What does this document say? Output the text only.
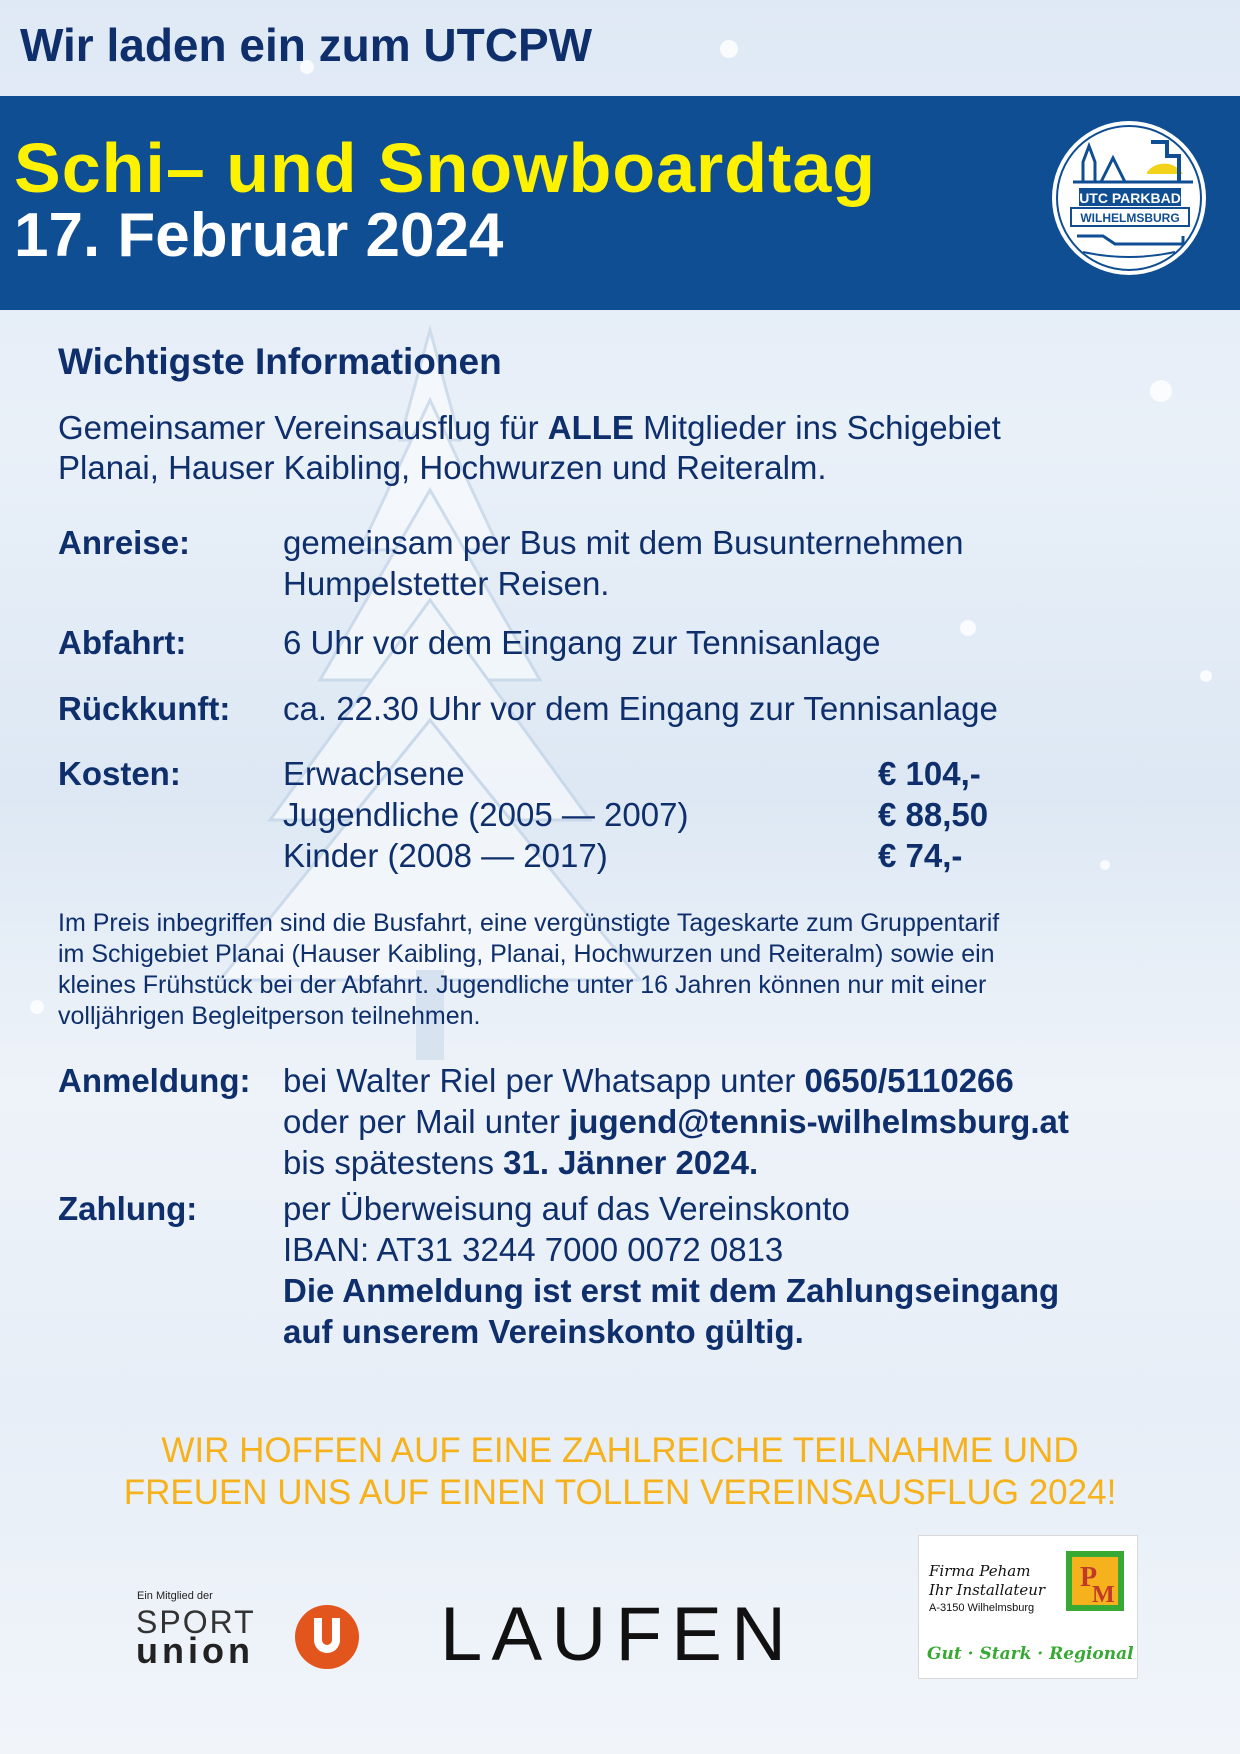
Wir laden ein zum UTCPW
Schi– und Snowboardtag
17. Februar 2024
UTC PARKBAD
WILHELMSBURG
Wichtigste Informationen
Gemeinsamer Vereinsausflug für ALLE Mitglieder ins Schigebiet
Planai, Hauser Kaibling, Hochwurzen und Reiteralm.
Anreise:	gemeinsam per Bus mit dem Busunternehmen
Humpelstetter Reisen.
Abfahrt:	6 Uhr vor dem Eingang zur Tennisanlage
Rückkunft: ca. 22.30 Uhr vor dem Eingang zur Tennisanlage
Kosten:	Erwachsene	€ 104,-
Jugendliche (2005 — 2007)	€ 88,50
Kinder (2008 — 2017)	€ 74,-
Im Preis inbegriffen sind die Busfahrt, eine vergünstigte Tageskarte zum Gruppentarif
im Schigebiet Planai (Hauser Kaibling, Planai, Hochwurzen und Reiteralm) sowie ein
kleines Frühstück bei der Abfahrt. Jugendliche unter 16 Jahren können nur mit einer
volljährigen Begleitperson teilnehmen.
Anmeldung: bei Walter Riel per Whatsapp unter 0650/5110266
oder per Mail unter jugend@tennis-wilhelmsburg.at
bis spätestens 31. Jänner 2024.
Zahlung:	per Überweisung auf das Vereinskonto
IBAN: AT31 3244 7000 0072 0813
Die Anmeldung ist erst mit dem Zahlungseingang
auf unserem Vereinskonto gültig.
WIR HOFFEN AUF EINE ZAHLREICHE TEILNAHME UND
FREUEN UNS AUF EINEN TOLLEN VEREINSAUSFLUG 2024!
Ein Mitglied der
SPORT
union LAUFEN
Firma Peham
Ihr Installateur
A-3150 Wilhelmsburg
P
M
Gut · Stark · Regional
